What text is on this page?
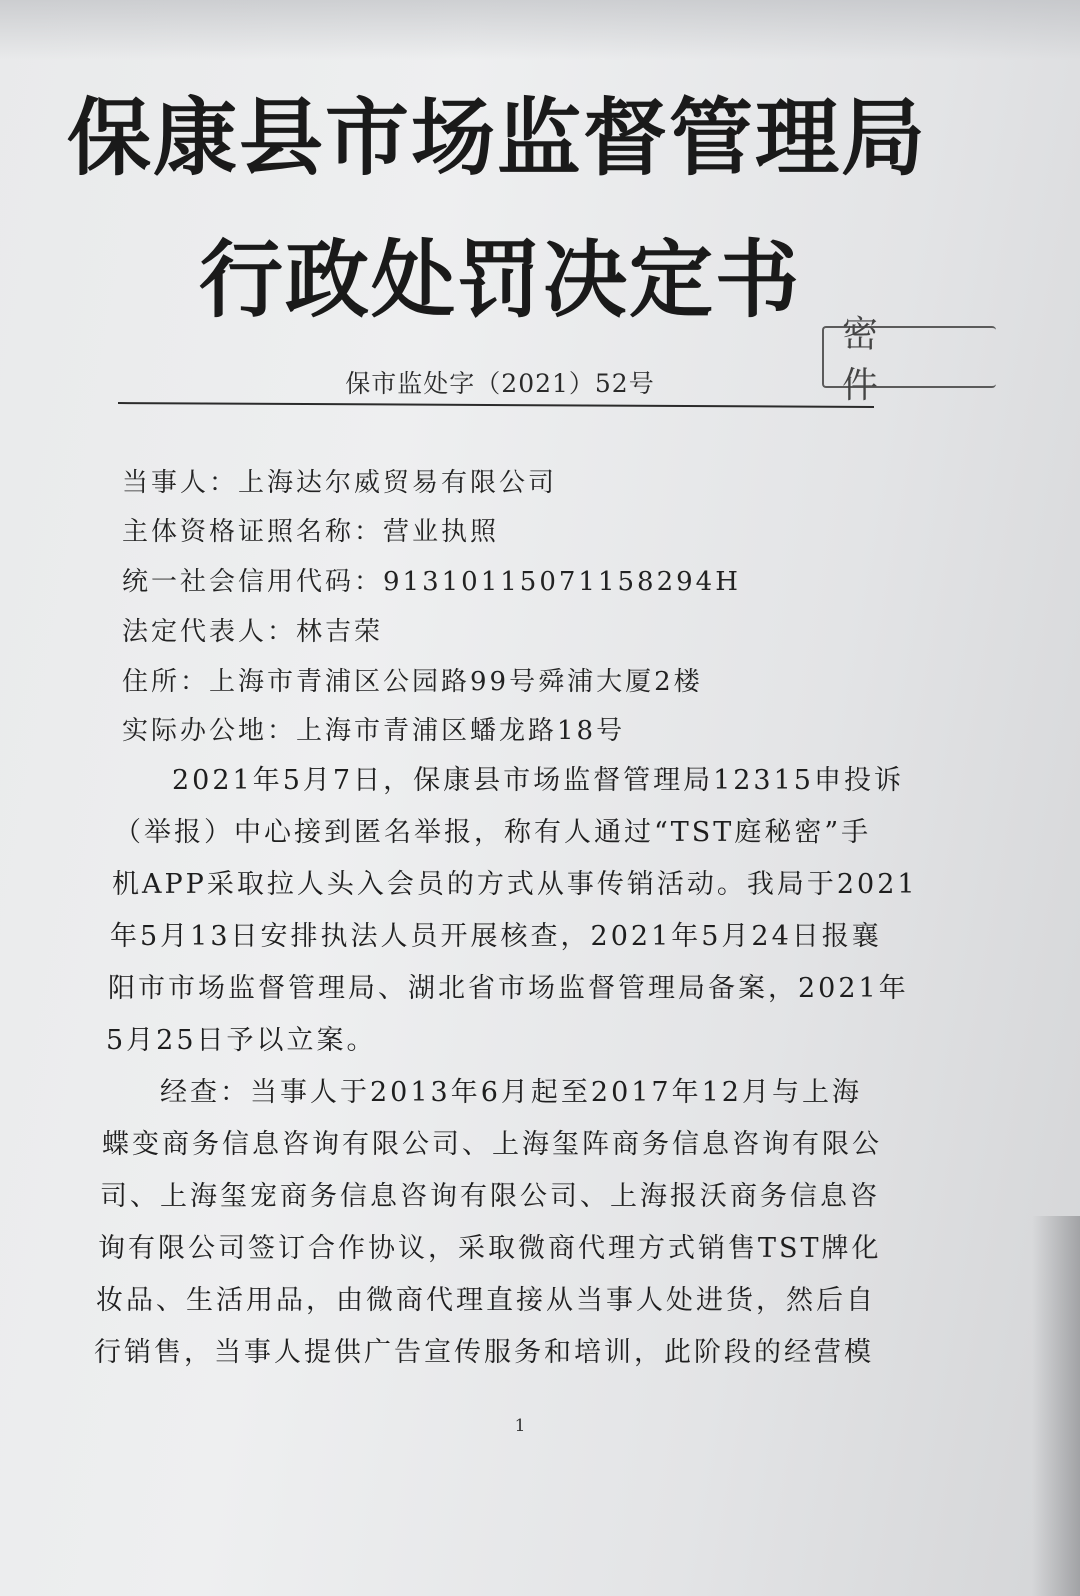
保康县市场监督管理局
行政处罚决定书
密件
保市监处字（2021）52号
当事人：上海达尔威贸易有限公司
主体资格证照名称：营业执照
统一社会信用代码：91310115071158294H
法定代表人：林吉荣
住所：上海市青浦区公园路99号舜浦大厦2楼
实际办公地：上海市青浦区蟠龙路18号
2021年5月7日，保康县市场监督管理局12315申投诉
（举报）中心接到匿名举报，称有人通过“TST庭秘密”手
机APP采取拉人头入会员的方式从事传销活动。我局于2021
年5月13日安排执法人员开展核查，2021年5月24日报襄
阳市市场监督管理局、湖北省市场监督管理局备案，2021年
5月25日予以立案。
经查：当事人于2013年6月起至2017年12月与上海
蝶变商务信息咨询有限公司、上海玺阵商务信息咨询有限公
司、上海玺宠商务信息咨询有限公司、上海报沃商务信息咨
询有限公司签订合作协议，采取微商代理方式销售TST牌化
妆品、生活用品，由微商代理直接从当事人处进货，然后自
行销售，当事人提供广告宣传服务和培训，此阶段的经营模
1
